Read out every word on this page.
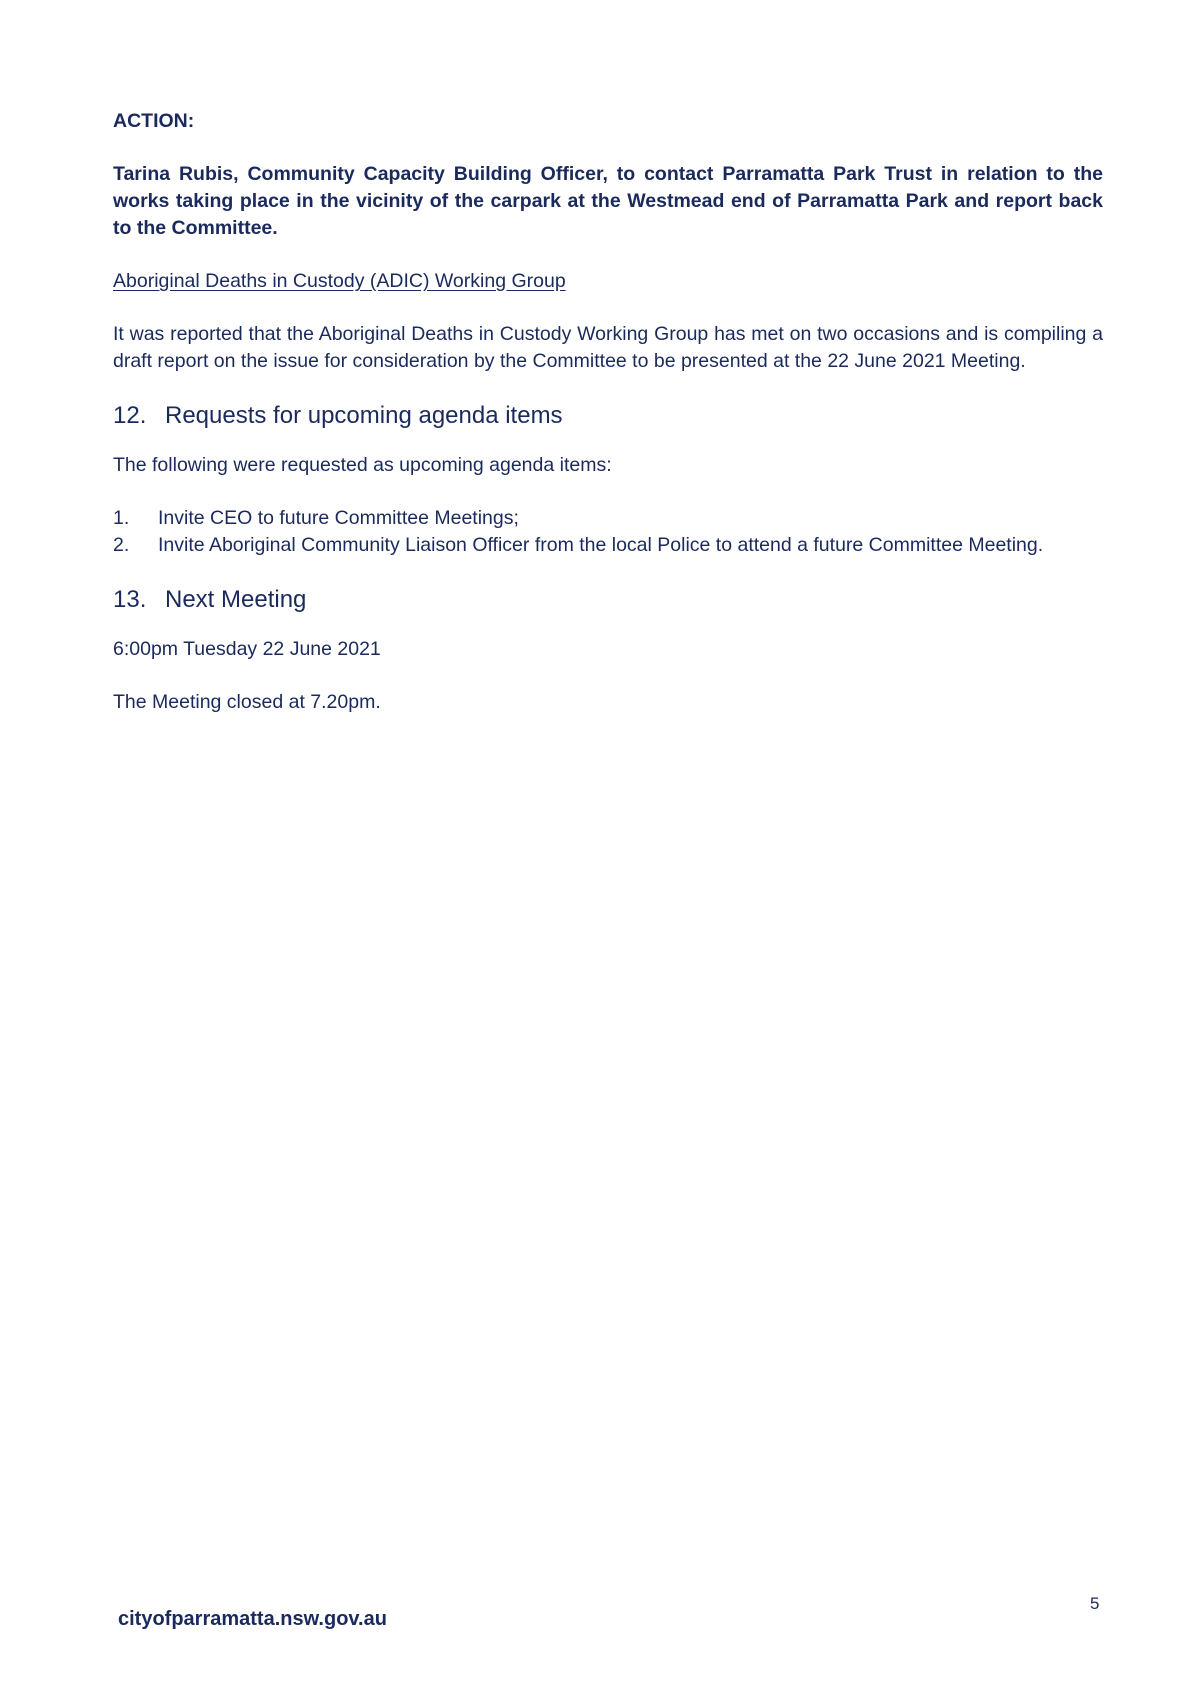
ACTION:

Tarina Rubis, Community Capacity Building Officer, to contact Parramatta Park Trust in relation to the works taking place in the vicinity of the carpark at the Westmead end of Parramatta Park and report back to the Committee.

Aboriginal Deaths in Custody (ADIC) Working Group

It was reported that the Aboriginal Deaths in Custody Working Group has met on two occasions and is compiling a draft report on the issue for consideration by the Committee to be presented at the 22 June 2021 Meeting.

12. Requests for upcoming agenda items

The following were requested as upcoming agenda items:

1.	Invite CEO to future Committee Meetings;
2.	Invite Aboriginal Community Liaison Officer from the local Police to attend a future Committee Meeting.
13. Next Meeting

6:00pm Tuesday 22 June 2021

The Meeting closed at 7.20pm.

5
cityofparramatta.nsw.gov.au
